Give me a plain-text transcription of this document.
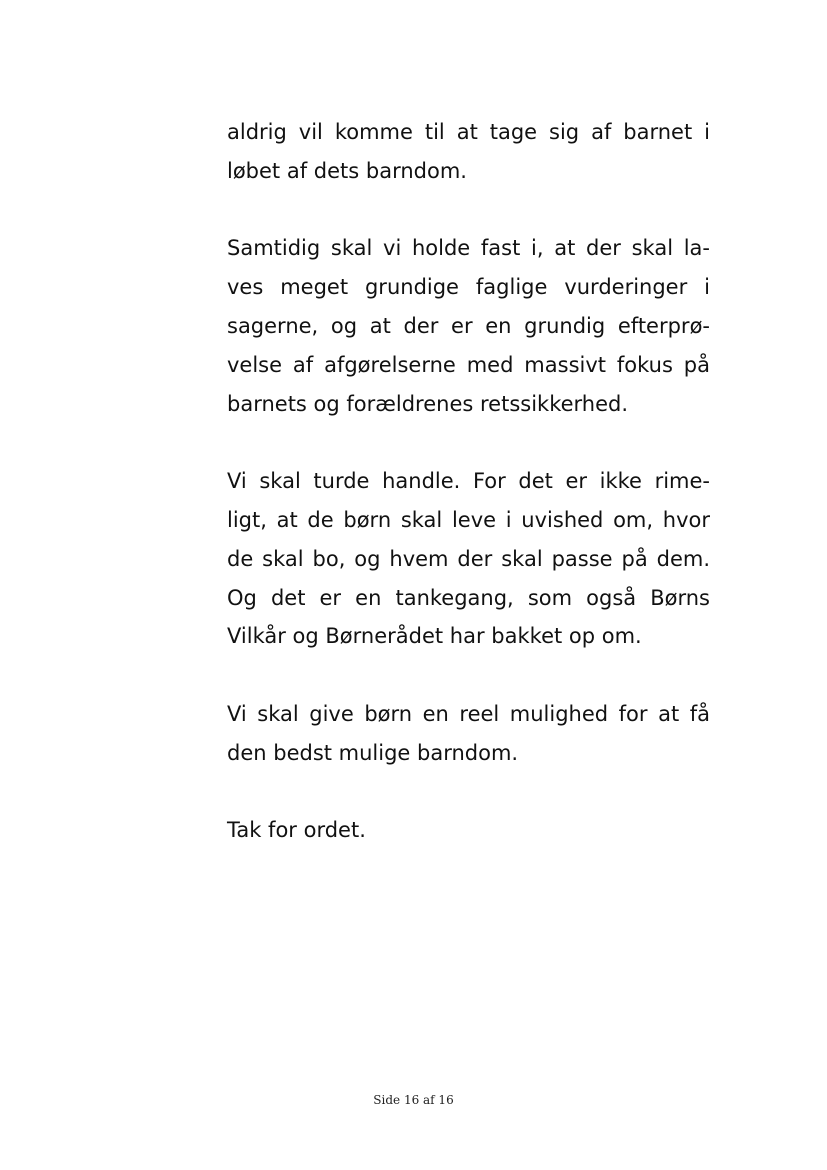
aldrig vil komme til at tage sig af barnet i
løbet af dets barndom.

Samtidig skal vi holde fast i, at der skal la-
ves meget grundige faglige vurderinger i
sagerne, og at der er en grundig efterprø-
velse af afgørelserne med massivt fokus på
barnets og forældrenes retssikkerhed.

Vi skal turde handle. For det er ikke rime-
ligt, at de børn skal leve i uvished om, hvor
de skal bo, og hvem der skal passe på dem.
Og det er en tankegang, som også Børns
Vilkår og Børnerådet har bakket op om.

Vi skal give børn en reel mulighed for at få
den bedst mulige barndom.

Tak for ordet.

Side 16 af 16
